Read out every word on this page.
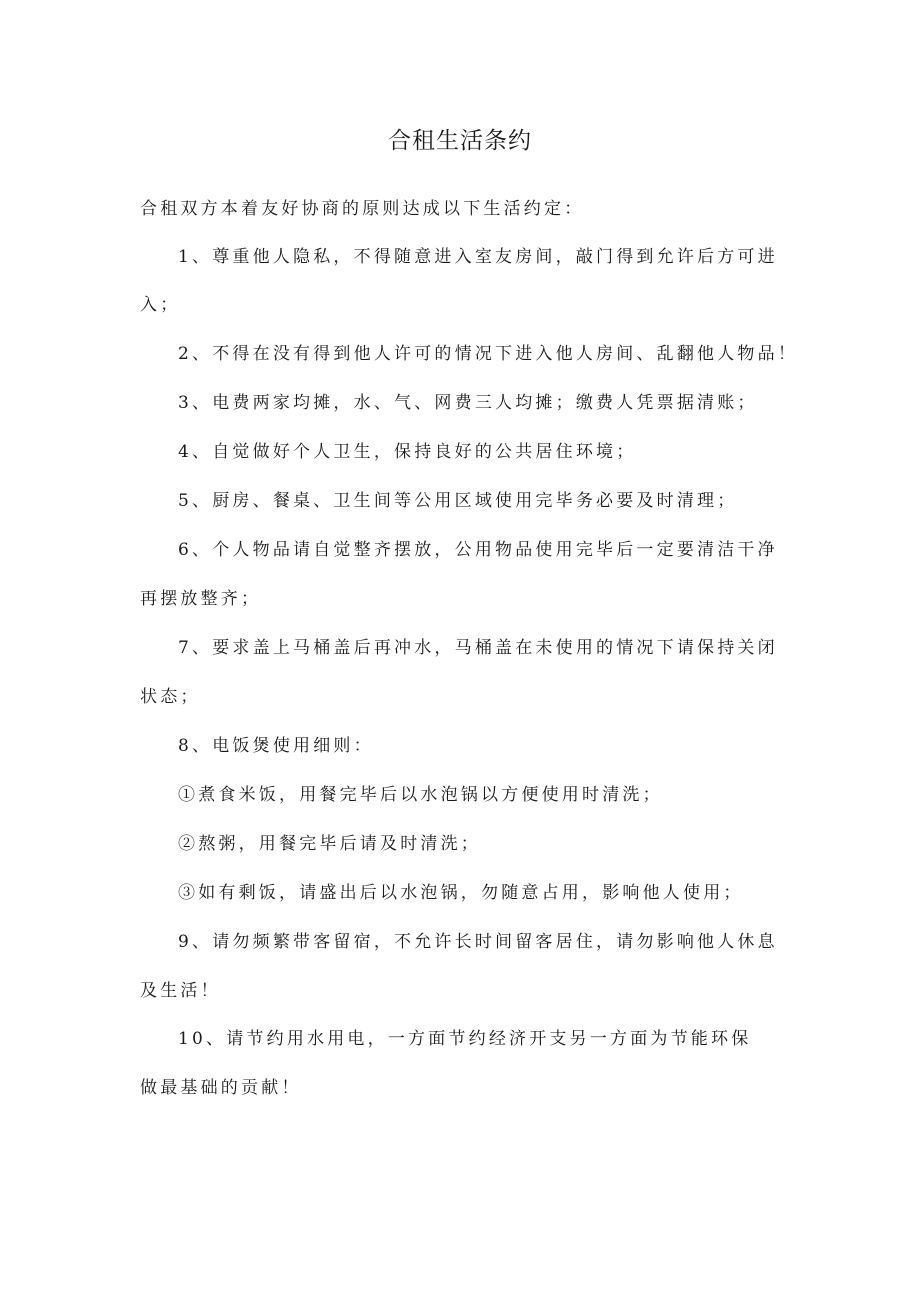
合租生活条约
合租双方本着友好协商的原则达成以下生活约定：
1、尊重他人隐私，不得随意进入室友房间，敲门得到允许后方可进
入；
2、不得在没有得到他人许可的情况下进入他人房间、乱翻他人物品！
3、电费两家均摊，水、气、网费三人均摊；缴费人凭票据清账；
4、自觉做好个人卫生，保持良好的公共居住环境；
5、厨房、餐桌、卫生间等公用区域使用完毕务必要及时清理；
6、个人物品请自觉整齐摆放，公用物品使用完毕后一定要清洁干净
再摆放整齐；
7、要求盖上马桶盖后再冲水，马桶盖在未使用的情况下请保持关闭
状态；
8、电饭煲使用细则：
①煮食米饭，用餐完毕后以水泡锅以方便使用时清洗；
②熬粥，用餐完毕后请及时清洗；
③如有剩饭，请盛出后以水泡锅，勿随意占用，影响他人使用；
9、请勿频繁带客留宿，不允许长时间留客居住，请勿影响他人休息
及生活！
10、请节约用水用电，一方面节约经济开支另一方面为节能环保
做最基础的贡献！
